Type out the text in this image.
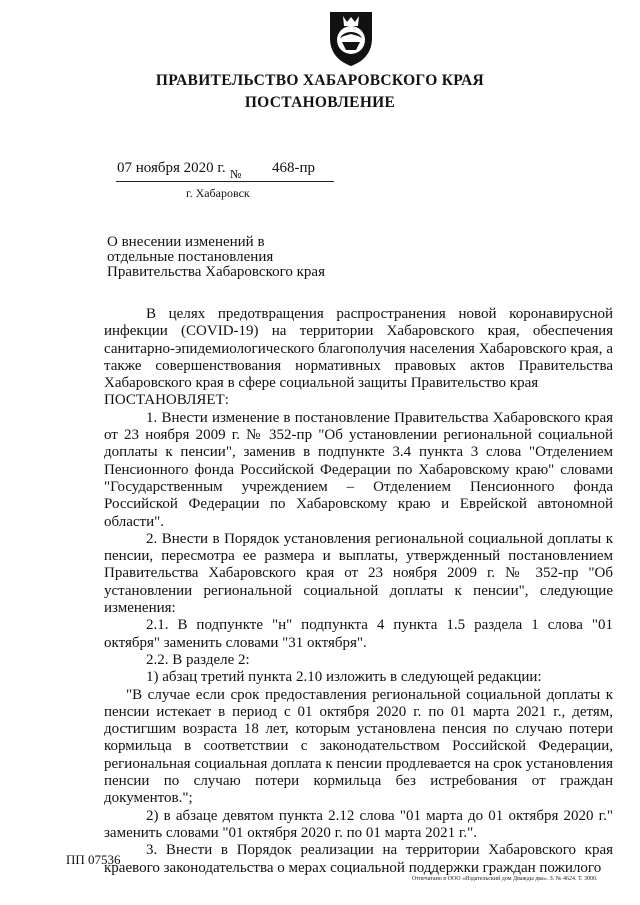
ПРАВИТЕЛЬСТВО ХАБАРОВСКОГО КРАЯ
ПОСТАНОВЛЕНИЕ
07 ноября 2020 г. № 468-пр
г. Хабаровск
О внесении изменений в отдельные постановления Правительства Хабаровского края

В целях предотвращения распространения новой коронавирусной инфекции (COVID-19) на территории Хабаровского края, обеспечения санитарно-эпидемиологического благополучия населения Хабаровского края, а также совершенствования нормативных правовых актов Правительства Хабаровского края в сфере социальной защиты Правительство края

ПОСТАНОВЛЯЕТ:

1. Внести изменение в постановление Правительства Хабаровского края от 23 ноября 2009 г. № 352-пр "Об установлении региональной социальной доплаты к пенсии", заменив в подпункте 3.4 пункта 3 слова "Отделением Пенсионного фонда Российской Федерации по Хабаровскому краю" словами "Государственным учреждением – Отделением Пенсионного фонда Российской Федерации по Хабаровскому краю и Еврейской автономной области".

2. Внести в Порядок установления региональной социальной доплаты к пенсии, пересмотра ее размера и выплаты, утвержденный постановлением Правительства Хабаровского края от 23 ноября 2009 г. № 352-пр "Об установлении региональной социальной доплаты к пенсии", следующие изменения:

2.1. В подпункте "н" подпункта 4 пункта 1.5 раздела 1 слова "01 октября" заменить словами "31 октября".

2.2. В разделе 2:

1) абзац третий пункта 2.10 изложить в следующей редакции:

"В случае если срок предоставления региональной социальной доплаты к пенсии истекает в период с 01 октября 2020 г. по 01 марта 2021 г., детям, достигшим возраста 18 лет, которым установлена пенсия по случаю потери кормильца в соответствии с законодательством Российской Федерации, региональная социальная доплата к пенсии продлевается на срок установления пенсии по случаю потери кормильца без истребования от граждан документов.";

2) в абзаце девятом пункта 2.12 слова "01 марта до 01 октября 2020 г." заменить словами "01 октября 2020 г. по 01 марта 2021 г.".

3. Внести в Порядок реализации на территории Хабаровского края краевого законодательства о мерах социальной поддержки граждан пожилого

ПП 07536
Отпечатано в ООО «Издательский дом Дважды два». З. № 4624. Т. 3000.
